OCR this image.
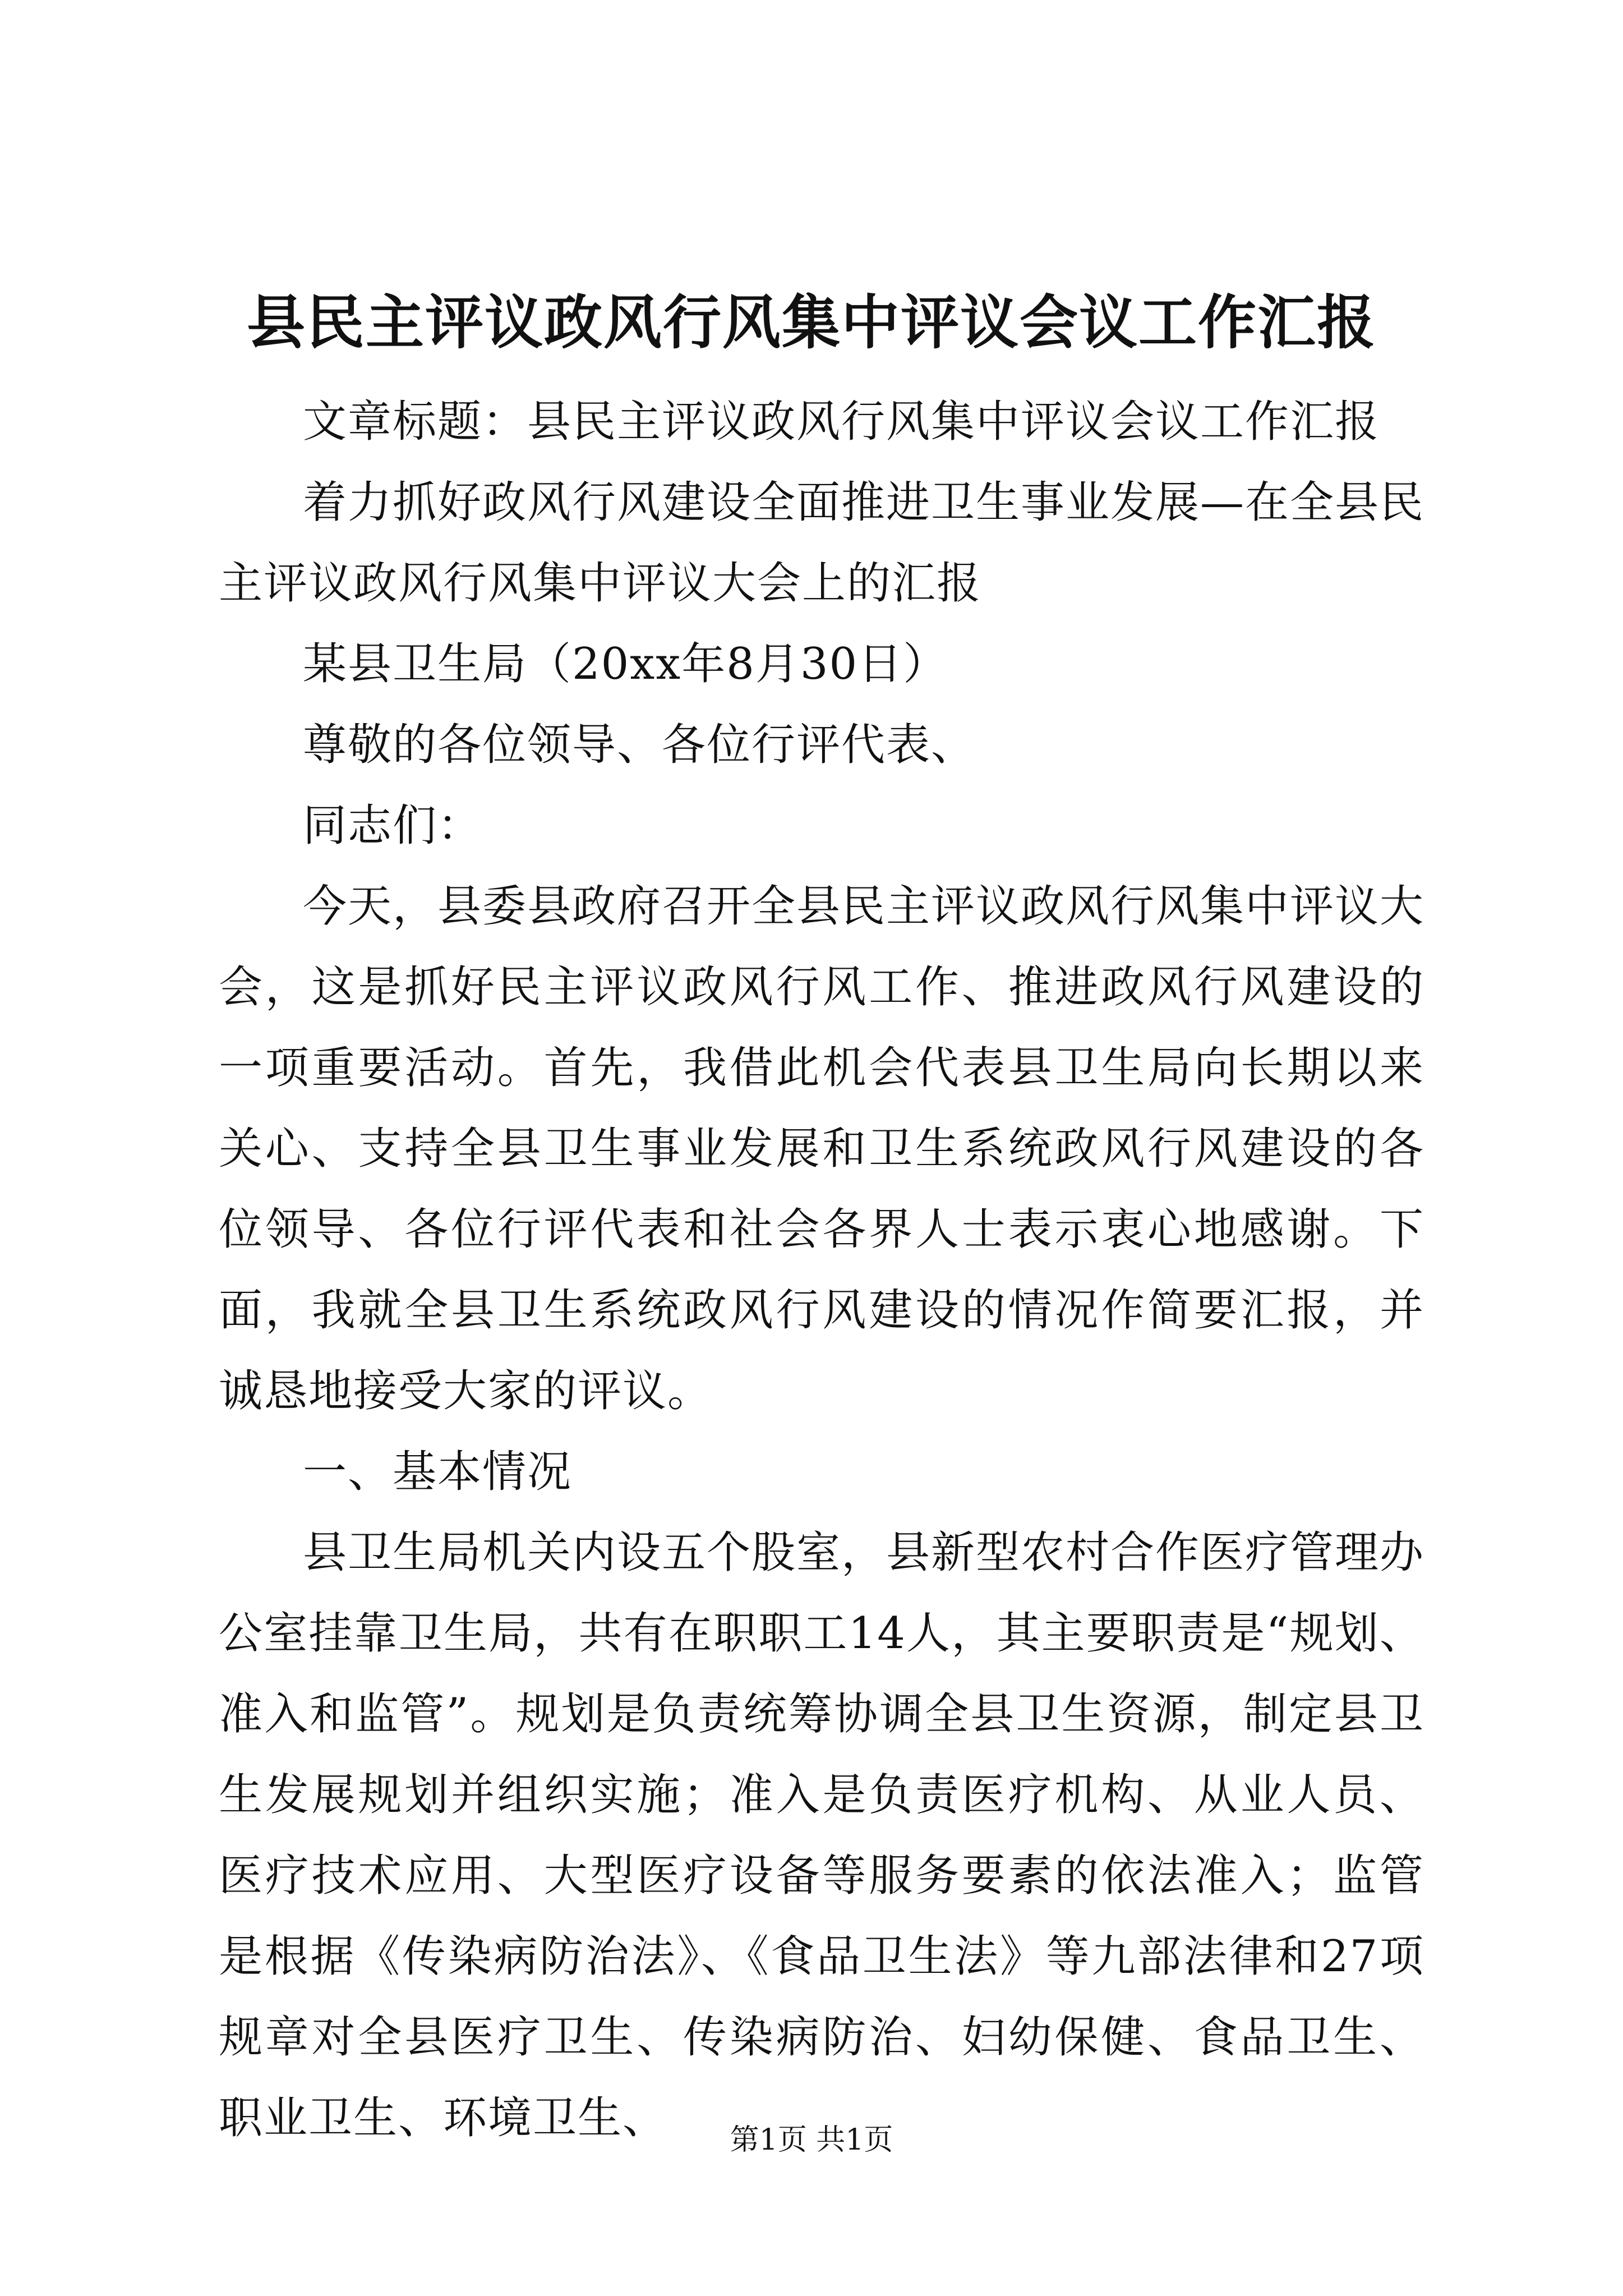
县民主评议政风行风集中评议会议工作汇报

文章标题：县民主评议政风行风集中评议会议工作汇报

着力抓好政风行风建设全面推进卫生事业发展—在全县民主评议政风行风集中评议大会上的汇报

某县卫生局（20xx年8月30日）

尊敬的各位领导、各位行评代表、

同志们：

今天，县委县政府召开全县民主评议政风行风集中评议大会，这是抓好民主评议政风行风工作、推进政风行风建设的一项重要活动。首先，我借此机会代表县卫生局向长期以来关心、支持全县卫生事业发展和卫生系统政风行风建设的各位领导、各位行评代表和社会各界人士表示衷心地感谢。下面，我就全县卫生系统政风行风建设的情况作简要汇报，并诚恳地接受大家的评议。

一、基本情况

县卫生局机关内设五个股室，县新型农村合作医疗管理办公室挂靠卫生局，共有在职职工14人，其主要职责是“规划、准入和监管”。规划是负责统筹协调全县卫生资源，制定县卫生发展规划并组织实施；准入是负责医疗机构、从业人员、医疗技术应用、大型医疗设备等服务要素的依法准入；监管是根据《传染病防治法》、《食品卫生法》等九部法律和27项规章对全县医疗卫生、传染病防治、妇幼保健、食品卫生、职业卫生、环境卫生、	第1页 共1页
